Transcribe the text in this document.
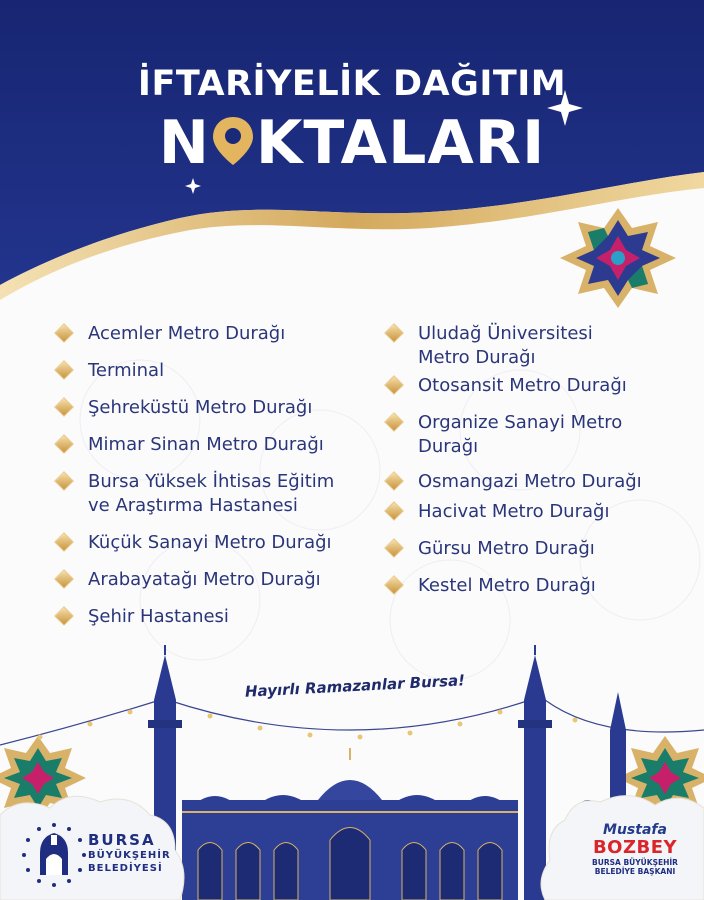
İFTARİYELİK DAĞITIM
N KTALARI
Acemler Metro Durağı
Terminal
Şehreküstü Metro Durağı
Mimar Sinan Metro Durağı
Bursa Yüksek İhtisas Eğitim
ve Araştırma Hastanesi
Küçük Sanayi Metro Durağı
Arabayatağı Metro Durağı
Şehir Hastanesi
Uludağ Üniversitesi
Metro Durağı
Otosansit Metro Durağı
Organize Sanayi Metro
Durağı
Osmangazi Metro Durağı
Hacivat Metro Durağı
Gürsu Metro Durağı
Kestel Metro Durağı
Hayırlı Ramazanlar Bursa!
BURSA
BÜYÜKŞEHİR
BELEDİYESİ
Mustafa
BOZBEY
BURSA BÜYÜKŞEHİR
BELEDİYE BAŞKANI
